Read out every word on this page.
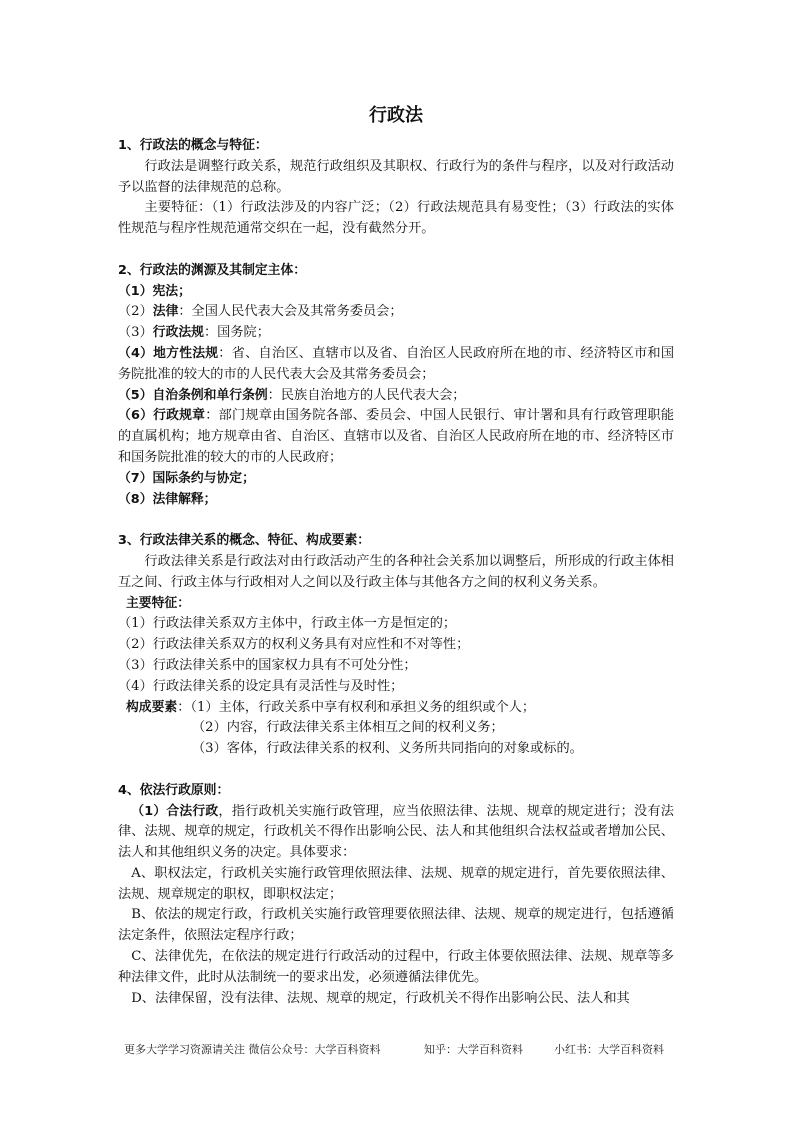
行政法

1、行政法的概念与特征：

行政法是调整行政关系，规范行政组织及其职权、行政行为的条件与程序，以及对行政活动予以监督的法律规范的总称。

主要特征：（1）行政法涉及的内容广泛；（2）行政法规范具有易变性；（3）行政法的实体性规范与程序性规范通常交织在一起，没有截然分开。

2、行政法的渊源及其制定主体：

（1）宪法；

（2）法律：全国人民代表大会及其常务委员会；

（3）行政法规：国务院；

（4）地方性法规：省、自治区、直辖市以及省、自治区人民政府所在地的市、经济特区市和国务院批准的较大的市的人民代表大会及其常务委员会；

（5）自治条例和单行条例：民族自治地方的人民代表大会；

（6）行政规章：部门规章由国务院各部、委员会、中国人民银行、审计署和具有行政管理职能的直属机构；地方规章由省、自治区、直辖市以及省、自治区人民政府所在地的市、经济特区市和国务院批准的较大的市的人民政府；

（7）国际条约与协定；

（8）法律解释；

3、行政法律关系的概念、特征、构成要素：

行政法律关系是行政法对由行政活动产生的各种社会关系加以调整后，所形成的行政主体相互之间、行政主体与行政相对人之间以及行政主体与其他各方之间的权利义务关系。

主要特征：

（1）行政法律关系双方主体中，行政主体一方是恒定的；

（2）行政法律关系双方的权利义务具有对应性和不对等性；

（3）行政法律关系中的国家权力具有不可处分性；

（4）行政法律关系的设定具有灵活性与及时性；

构成要素：（1）主体，行政关系中享有权利和承担义务的组织或个人；

（2）内容，行政法律关系主体相互之间的权利义务；

（3）客体，行政法律关系的权利、义务所共同指向的对象或标的。

4、依法行政原则：

（1）合法行政，指行政机关实施行政管理，应当依照法律、法规、规章的规定进行；没有法律、法规、规章的规定，行政机关不得作出影响公民、法人和其他组织合法权益或者增加公民、法人和其他组织义务的决定。具体要求：

A、职权法定，行政机关实施行政管理依照法律、法规、规章的规定进行，首先要依照法律、法规、规章规定的职权，即职权法定；

B、依法的规定行政，行政机关实施行政管理要依照法律、法规、规章的规定进行，包括遵循法定条件，依照法定程序行政；

C、法律优先，在依法的规定进行行政活动的过程中，行政主体要依照法律、法规、规章等多种法律文件，此时从法制统一的要求出发，必须遵循法律优先。

D、法律保留，没有法律、法规、规章的规定，行政机关不得作出影响公民、法人和其

更多大学学习资源请关注 微信公众号：大学百科资料	知乎：大学百科资料	小红书：大学百科资料
